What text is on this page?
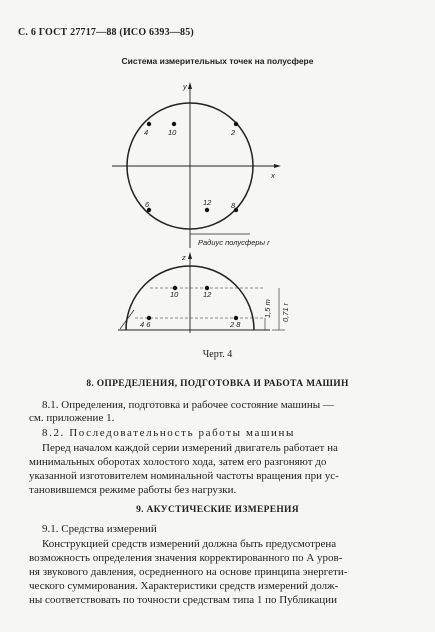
С. 6 ГОСТ 27717—88 (ИСО 6393—85)
Система измерительных точек на полусфере
y
x
4	10	2
6	12	8
Радиус полусферы r
z
10	12
4 6	2 8
1,5 m 0,71 r
Черт. 4
8. ОПРЕДЕЛЕНИЯ, ПОДГОТОВКА И РАБОТА МАШИН
8.1. Определения, подготовка и рабочее состояние машины —
см. приложение 1.
8.2. Последовательность работы машины
Перед началом каждой серии измерений двигатель работает на
минимальных оборотах холостого хода, затем его разгоняют до
указанной изготовителем номинальной частоты вращения при ус-
тановившемся режиме работы без нагрузки.
9. АКУСТИЧЕСКИЕ ИЗМЕРЕНИЯ
9.1. Средства измерений
Конструкцией средств измерений должна быть предусмотрена
возможность определения значения корректированного по А уров-
ня звукового давления, осредненного на основе принципа энергети-
ческого суммирования. Характеристики средств измерений долж-
ны соответствовать по точности средствам типа 1 по Публикации
